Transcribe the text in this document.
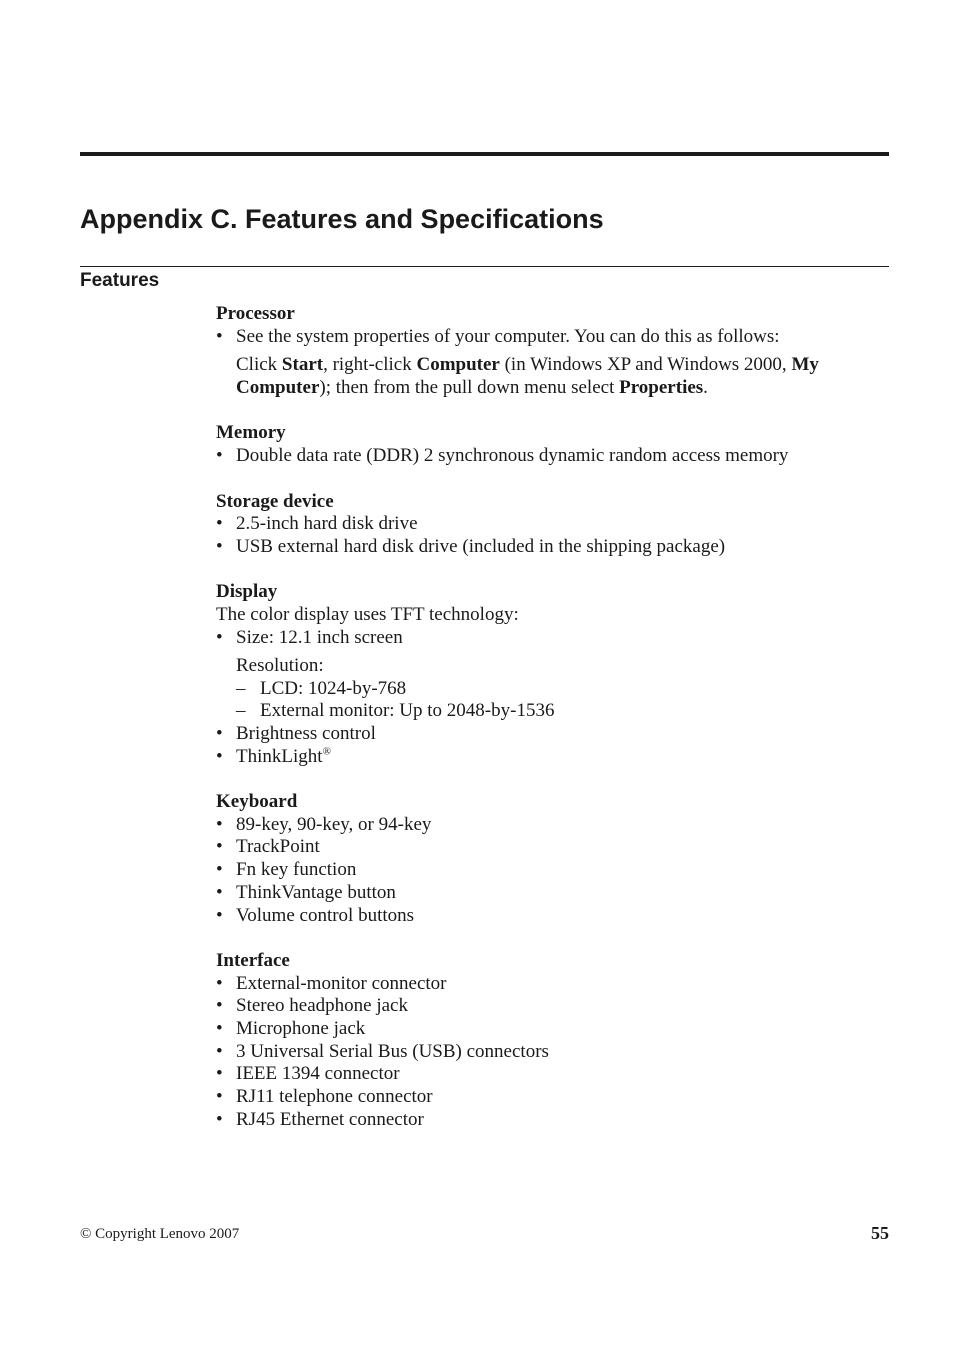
Appendix C. Features and Specifications
Features
Processor
• See the system properties of your computer. You can do this as follows:
Click Start, right-click Computer (in Windows XP and Windows 2000, My
Computer); then from the pull down menu select Properties.
Memory
• Double data rate (DDR) 2 synchronous dynamic random access memory
Storage device
• 2.5-inch hard disk drive
• USB external hard disk drive (included in the shipping package)
Display
The color display uses TFT technology:
• Size: 12.1 inch screen
Resolution:
– LCD: 1024-by-768
– External monitor: Up to 2048-by-1536
• Brightness control
• ThinkLight®
Keyboard
• 89-key, 90-key, or 94-key
• TrackPoint
• Fn key function
• ThinkVantage button
• Volume control buttons
Interface
• External-monitor connector
• Stereo headphone jack
• Microphone jack
• 3 Universal Serial Bus (USB) connectors
• IEEE 1394 connector
• RJ11 telephone connector
• RJ45 Ethernet connector
© Copyright Lenovo 2007	55
